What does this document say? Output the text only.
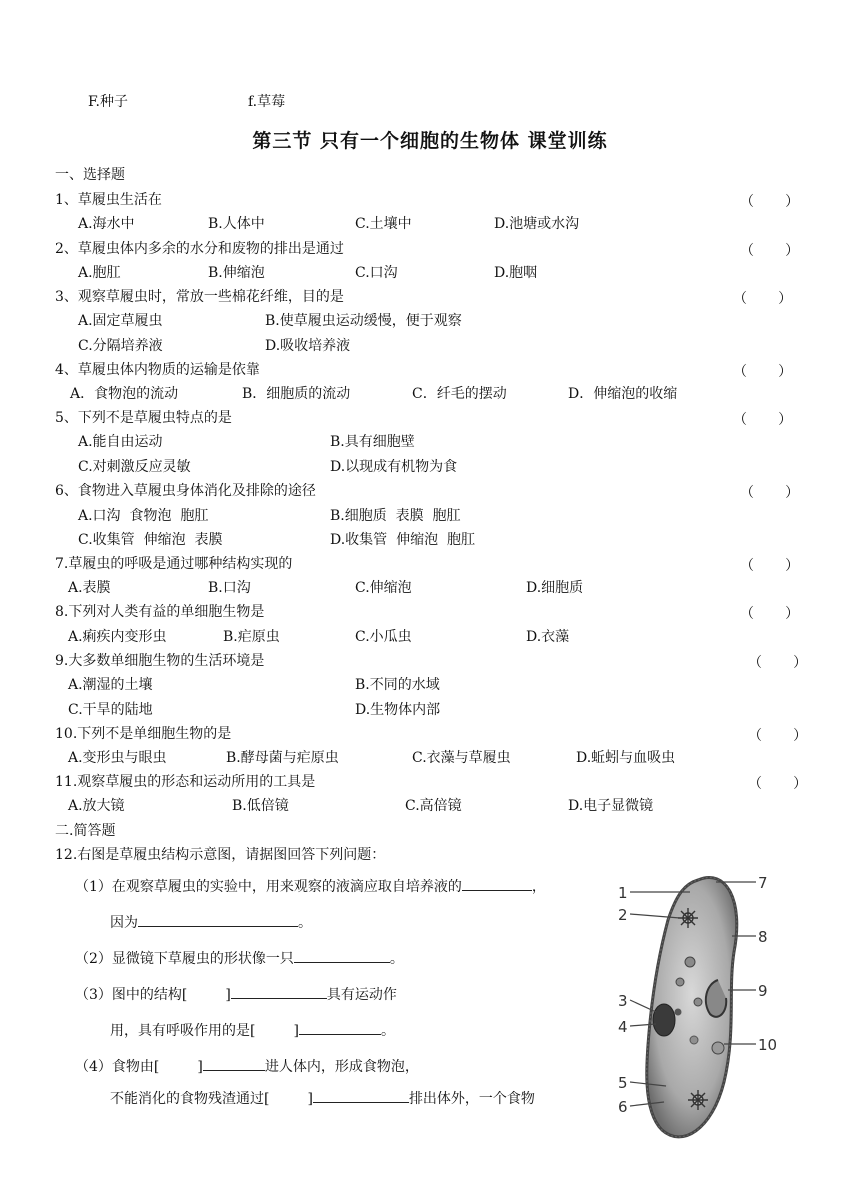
F.种子	f.草莓
第三节 只有一个细胞的生物体 课堂训练
一、选择题
1、草履虫生活在	（       ）
A.海水中	B.人体中	C.土壤中	D.池塘或水沟
2、草履虫体内多余的水分和废物的排出是通过	（       ）
A.胞肛	B.伸缩泡	C.口沟	D.胞咽
3、观察草履虫时，常放一些棉花纤维，目的是	（       ）
A.固定草履虫	B.使草履虫运动缓慢，便于观察
C.分隔培养液	D.吸收培养液
4、草履虫体内物质的运输是依靠	（       ）
A．食物泡的流动	B．细胞质的流动	C．纤毛的摆动	D．伸缩泡的收缩
5、下列不是草履虫特点的是	（       ）
A.能自由运动	B.具有细胞壁
C.对刺激反应灵敏	D.以现成有机物为食
6、食物进入草履虫身体消化及排除的途径	（       ）
A.口沟  食物泡  胞肛	B.细胞质  表膜  胞肛
C.收集管  伸缩泡  表膜	D.收集管  伸缩泡  胞肛
7.草履虫的呼吸是通过哪种结构实现的	（       ）
A.表膜	B.口沟	C.伸缩泡	D.细胞质
8.下列对人类有益的单细胞生物是	（       ）
A.痢疾内变形虫	B.疟原虫	C.小瓜虫	D.衣藻
9.大多数单细胞生物的生活环境是	（       ）
A.潮湿的土壤	B.不同的水域
C.干旱的陆地	D.生物体内部
10.下列不是单细胞生物的是	（       ）
A.变形虫与眼虫	B.酵母菌与疟原虫	C.衣藻与草履虫	D.蚯蚓与血吸虫
11.观察草履虫的形态和运动所用的工具是	（       ）
A.放大镜	B.低倍镜	C.高倍镜	D.电子显微镜
二.简答题
12.右图是草履虫结构示意图，请据图回答下列问题：
（1）在观察草履虫的实验中，用来观察的液滴应取自培养液的	，
因为	。
（2）显微镜下草履虫的形状像一只	。
（3）图中的结构[	]	具有运动作
用，具有呼吸作用的是[	]	。
（4）食物由[	]	进人体内，形成食物泡，
不能消化的食物残渣通过[	]	排出体外，一个食物
1
2
3
4
5
6
7
8
9
10
